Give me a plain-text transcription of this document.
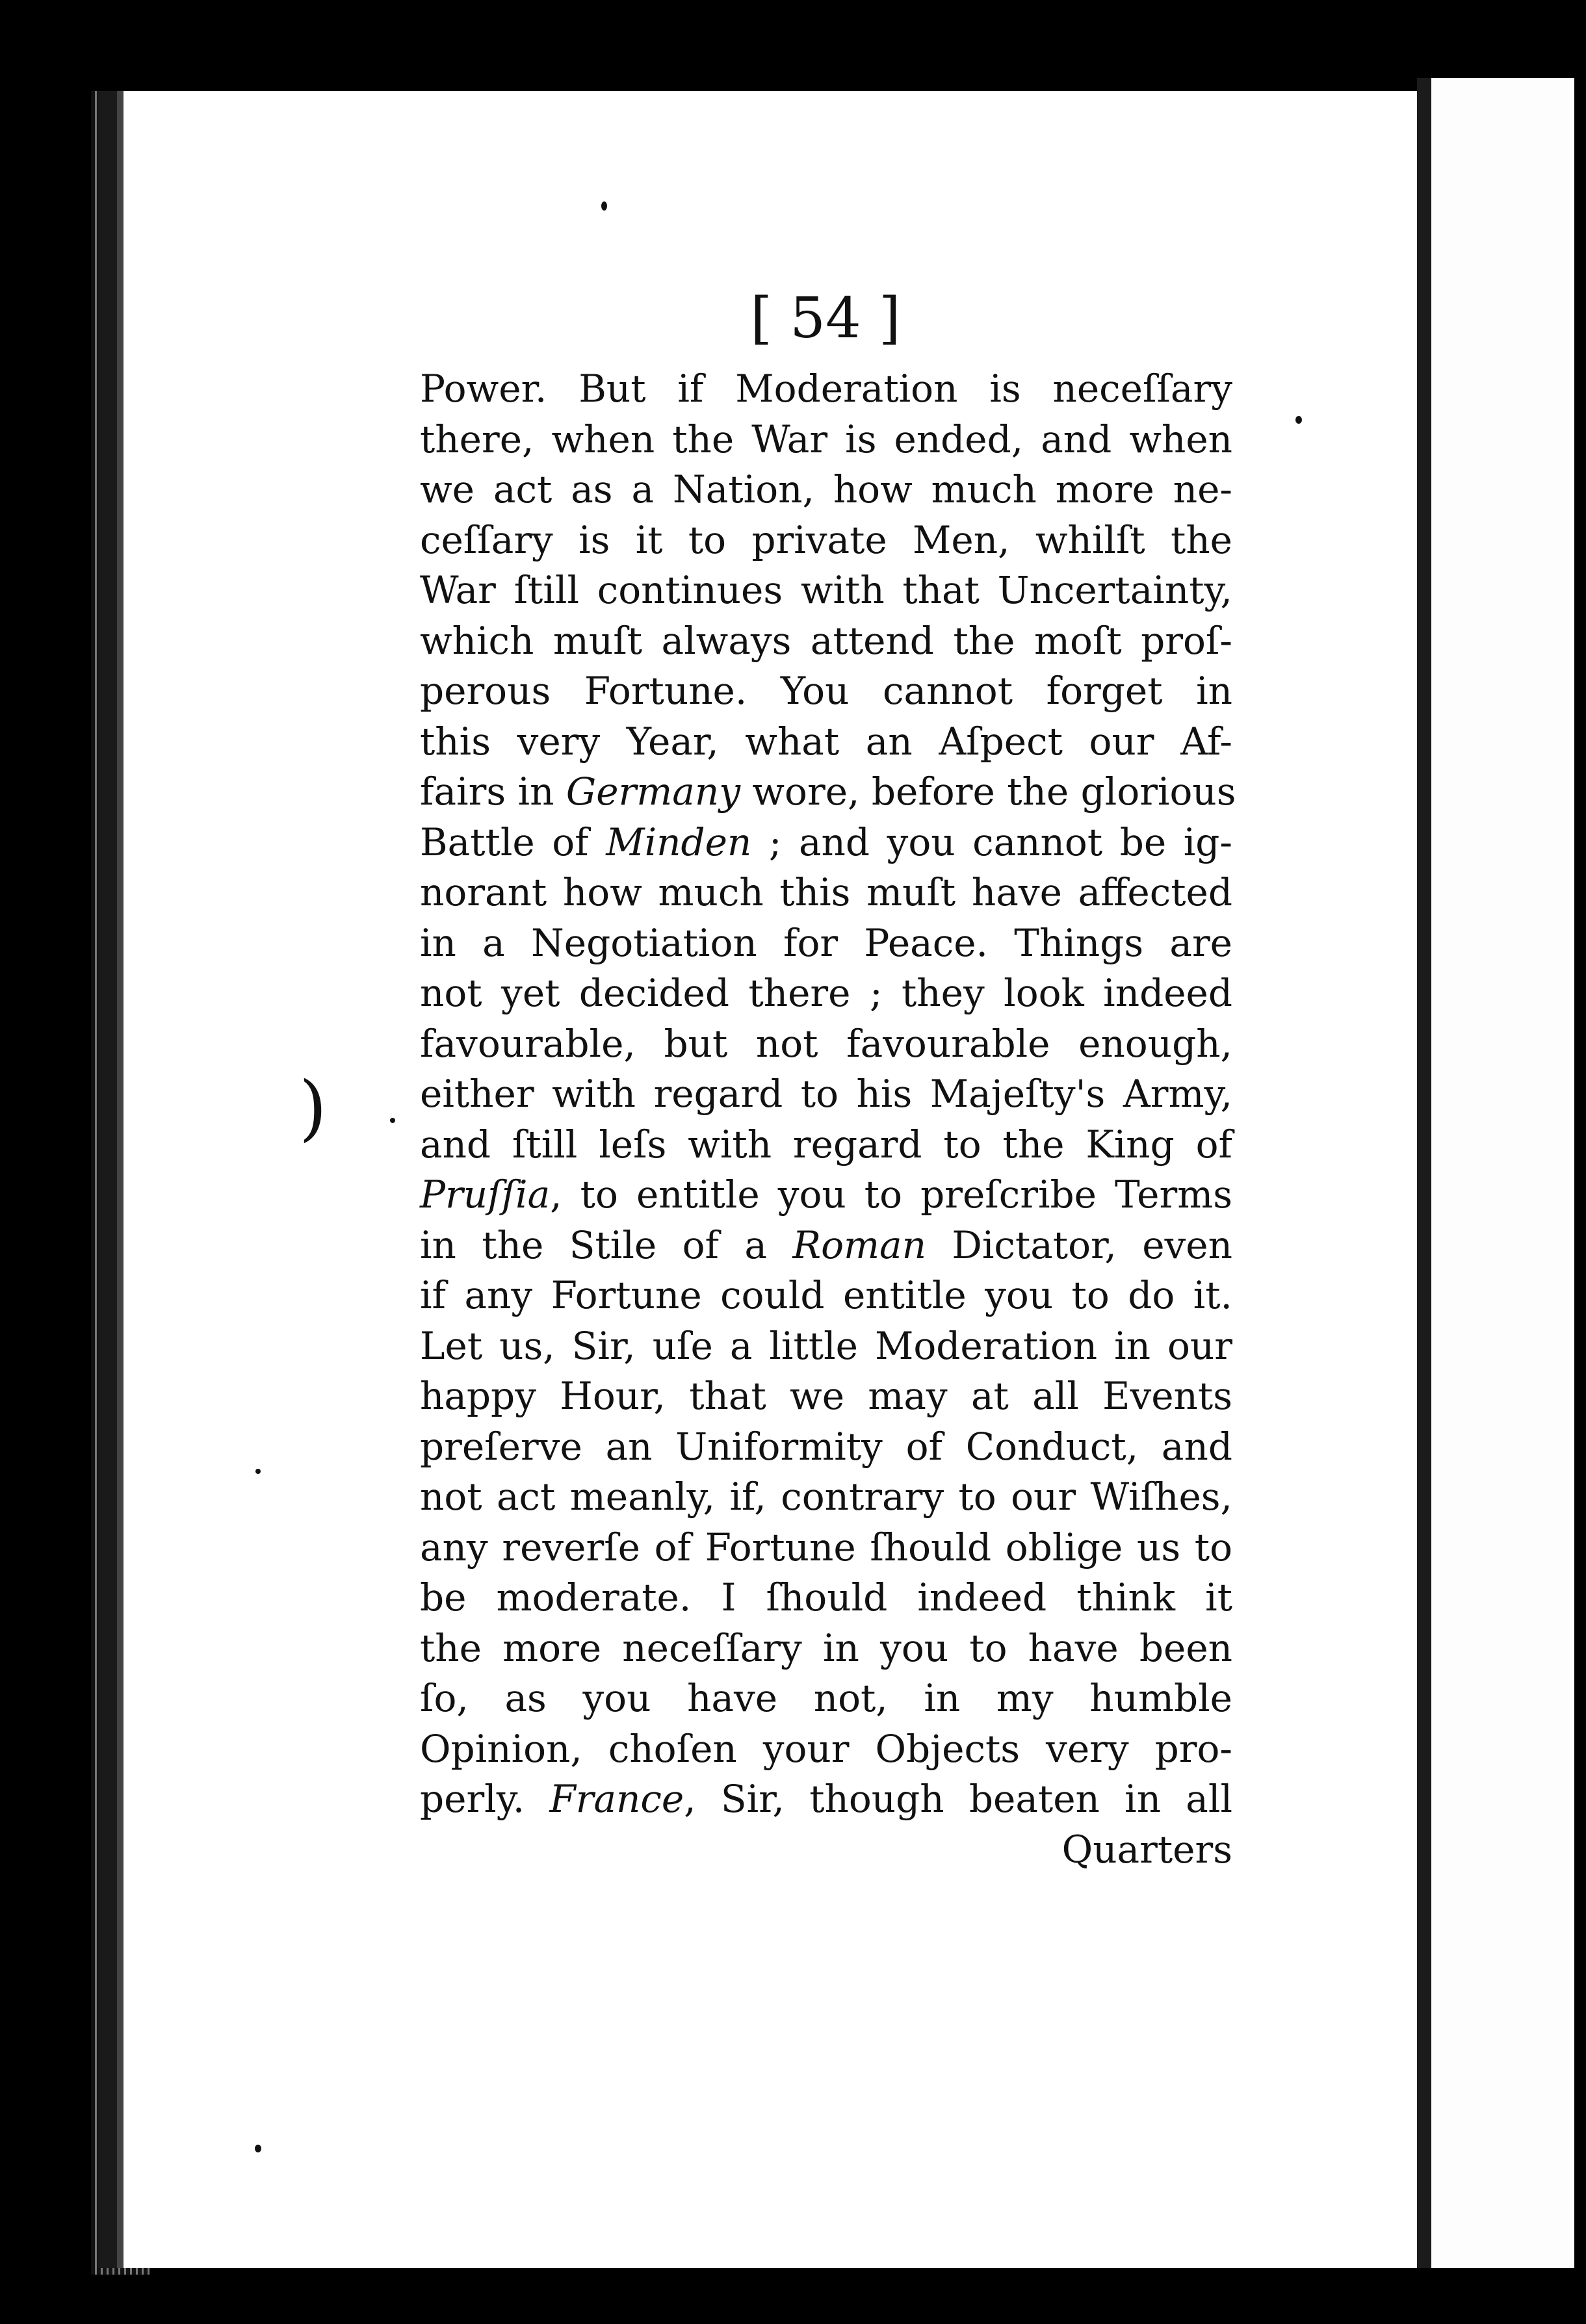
[ 54 ]
Power. But if Moderation is neceſſary
there, when the War is ended, and when
we act as a Nation, how much more ne-
ceſſary is it to private Men, whilſt the
War ſtill continues with that Uncertainty,
which muſt always attend the moſt proſ-
perous Fortune. You cannot forget in
this very Year, what an Aſpect our Af-
fairs in Germany wore, before the glorious
Battle of Minden ; and you cannot be ig-
norant how much this muſt have affected
in a Negotiation for Peace. Things are
not yet decided there ; they look indeed
favourable, but not favourable enough,
either with regard to his Majeſty's Army,
and ſtill leſs with regard to the King of
Pruſſia, to entitle you to preſcribe Terms
in the Stile of a Roman Dictator, even
if any Fortune could entitle you to do it.
Let us, Sir, uſe a little Moderation in our
happy Hour, that we may at all Events
preſerve an Uniformity of Conduct, and
not act meanly, if, contrary to our Wiſhes,
any reverſe of Fortune ſhould oblige us to
be moderate. I ſhould indeed think it
the more neceſſary in you to have been
ſo, as you have not, in my humble
Opinion, choſen your Objects very pro-
perly. France, Sir, though beaten in all
Quarters
)
